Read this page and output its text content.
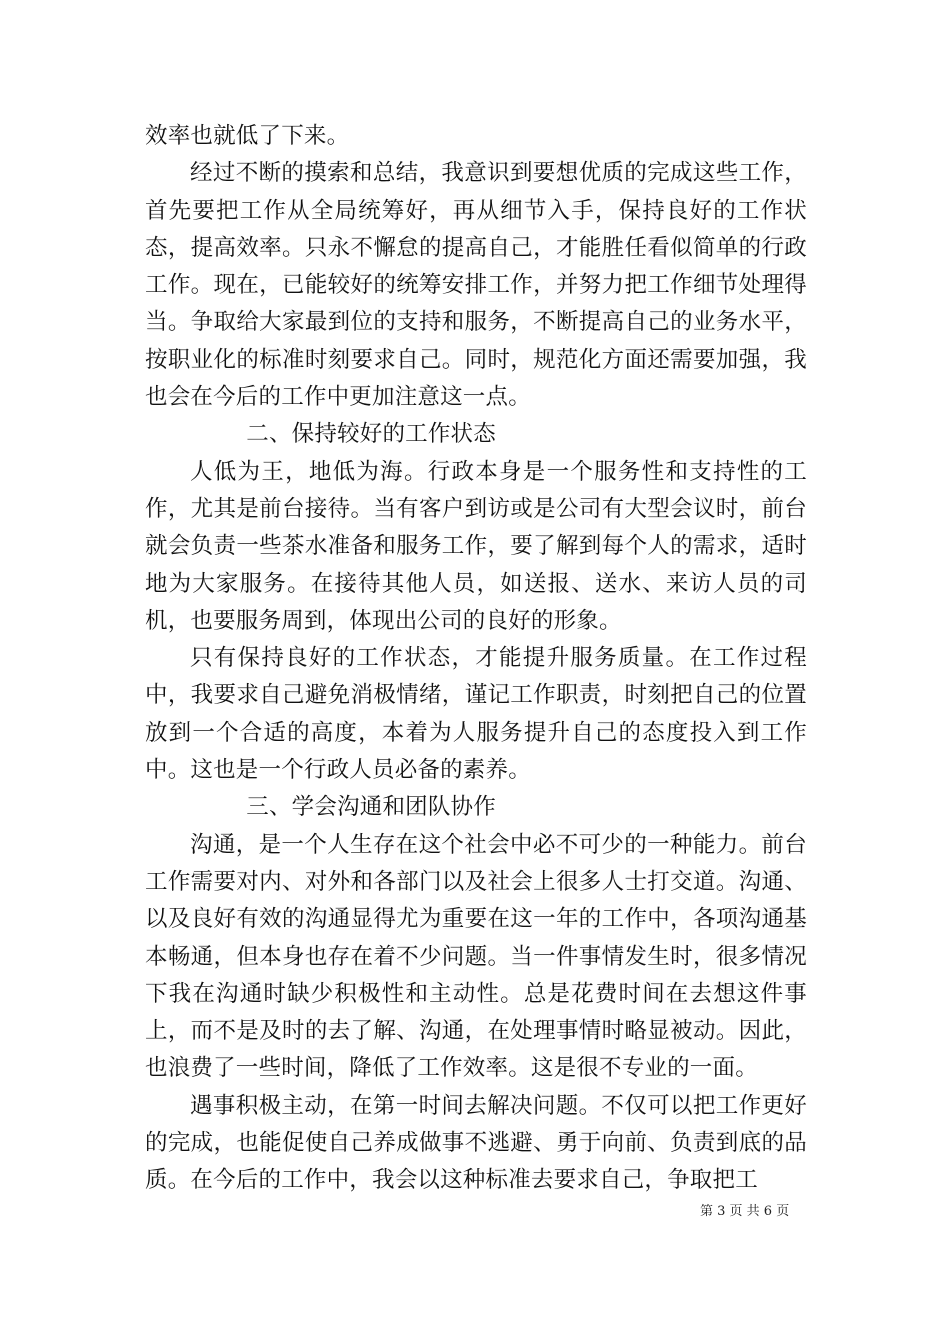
效率也就低了下来。

经过不断的摸索和总结，我意识到要想优质的完成这些工作，首先要把工作从全局统筹好，再从细节入手，保持良好的工作状态，提高效率。只永不懈怠的提高自己，才能胜任看似简单的行政工作。现在，已能较好的统筹安排工作，并努力把工作细节处理得当。争取给大家最到位的支持和服务，不断提高自己的业务水平，按职业化的标准时刻要求自己。同时，规范化方面还需要加强，我也会在今后的工作中更加注意这一点。

二、保持较好的工作状态

人低为王，地低为海。行政本身是一个服务性和支持性的工作，尤其是前台接待。当有客户到访或是公司有大型会议时，前台就会负责一些茶水准备和服务工作，要了解到每个人的需求，适时地为大家服务。在接待其他人员，如送报、送水、来访人员的司机，也要服务周到，体现出公司的良好的形象。

只有保持良好的工作状态，才能提升服务质量。在工作过程中，我要求自己避免消极情绪，谨记工作职责，时刻把自己的位置放到一个合适的高度，本着为人服务提升自己的态度投入到工作中。这也是一个行政人员必备的素养。

三、学会沟通和团队协作

沟通，是一个人生存在这个社会中必不可少的一种能力。前台工作需要对内、对外和各部门以及社会上很多人士打交道。沟通、以及良好有效的沟通显得尤为重要在这一年的工作中，各项沟通基本畅通，但本身也存在着不少问题。当一件事情发生时，很多情况下我在沟通时缺少积极性和主动性。总是花费时间在去想这件事上，而不是及时的去了解、沟通，在处理事情时略显被动。因此，也浪费了一些时间，降低了工作效率。这是很不专业的一面。

遇事积极主动，在第一时间去解决问题。不仅可以把工作更好的完成，也能促使自己养成做事不逃避、勇于向前、负责到底的品质。在今后的工作中，我会以这种标准去要求自己，争取把工

第 3 页 共 6 页
